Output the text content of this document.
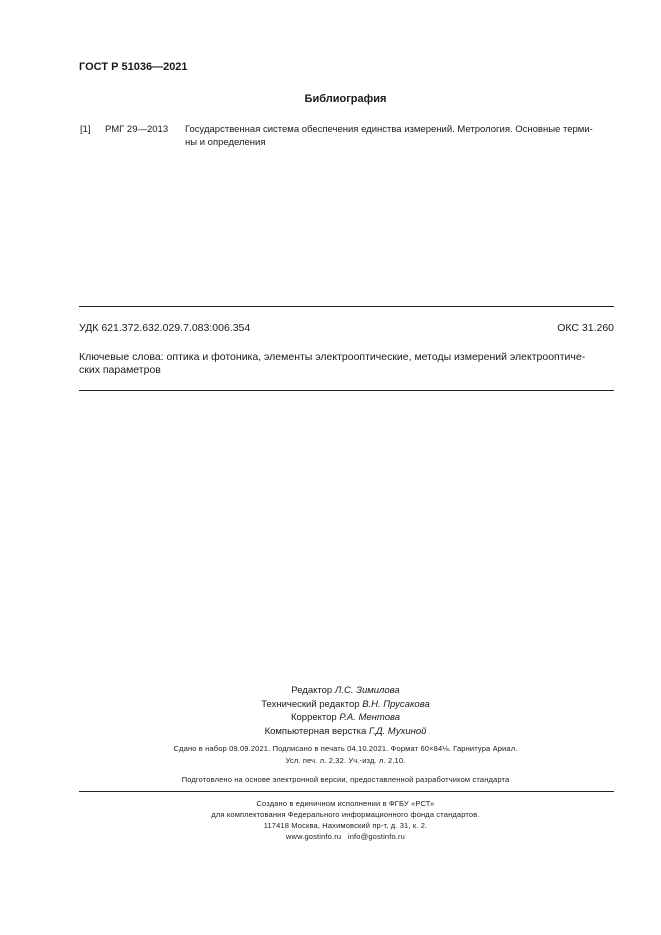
ГОСТ Р 51036—2021
Библиография
[1] РМГ 29—2013 Государственная система обеспечения единства измерений. Метрология. Основные терми-
ны и определения
УДК 621.372.632.029.7.083:006.354	ОКС 31.260
Ключевые слова: оптика и фотоника, элементы электрооптические, методы измерений электрооптиче-
ских параметров
Редактор Л.С. Зимилова
Технический редактор В.Н. Прусакова
Корректор Р.А. Ментова
Компьютерная верстка Г.Д. Мухиной
Сдано в набор 09.09.2021. Подписано в печать 04.10.2021. Формат 60×84⅛. Гарнитура Ариал.
Усл. печ. л. 2,32. Уч.-изд. л. 2,10.
Подготовлено на основе электронной версии, предоставленной разработчиком стандарта
Создано в единичном исполнении в ФГБУ «РСТ»
для комплектования Федерального информационного фонда стандартов.
117418 Москва, Нахимовский пр-т, д. 31, к. 2.
www.gostinfo.ru info@gostinfo.ru
